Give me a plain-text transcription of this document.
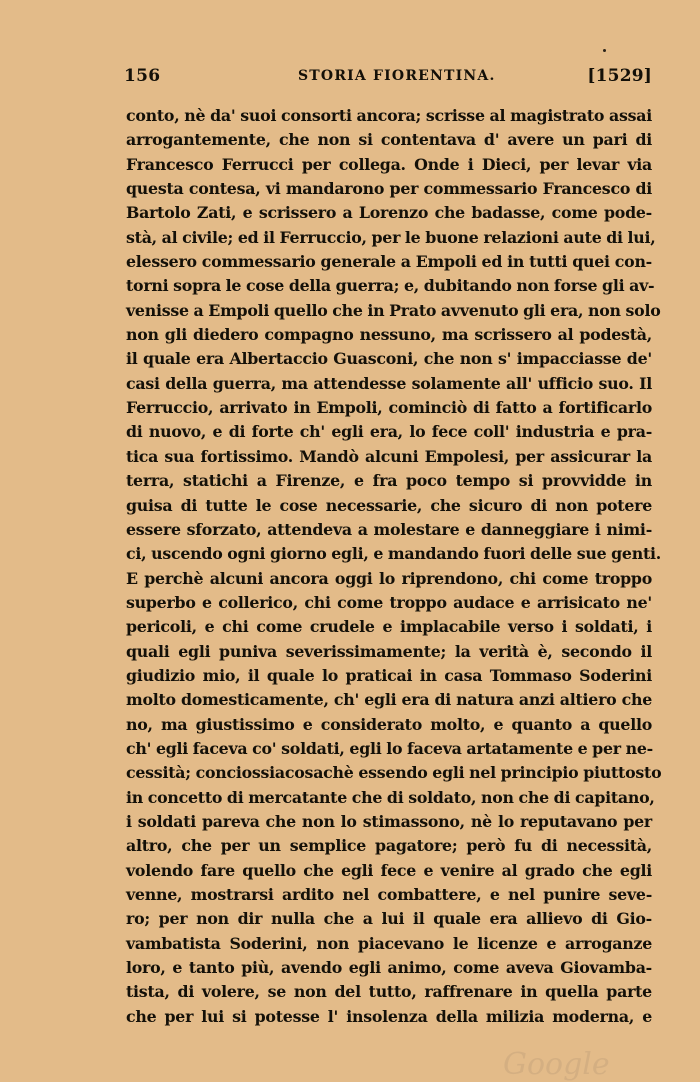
156	STORIA FIORENTINA.	[1529]
conto, nè da' suoi consorti ancora; scrisse al magistrato assai
arrogantemente, che non si contentava d' avere un pari di
Francesco Ferrucci per collega. Onde i Dieci, per levar via
questa contesa, vi mandarono per commessario Francesco di
Bartolo Zati, e scrissero a Lorenzo che badasse, come pode-
stà, al civile; ed il Ferruccio, per le buone relazioni aute di lui,
elessero commessario generale a Empoli ed in tutti quei con-
torni sopra le cose della guerra; e, dubitando non forse gli av-
venisse a Empoli quello che in Prato avvenuto gli era, non solo
non gli diedero compagno nessuno, ma scrissero al podestà,
il quale era Albertaccio Guasconi, che non s' impacciasse de'
casi della guerra, ma attendesse solamente all' ufficio suo. Il
Ferruccio, arrivato in Empoli, cominciò di fatto a fortificarlo
di nuovo, e di forte ch' egli era, lo fece coll' industria e pra-
tica sua fortissimo. Mandò alcuni Empolesi, per assicurar la
terra, statichi a Firenze, e fra poco tempo si provvidde in
guisa di tutte le cose necessarie, che sicuro di non potere
essere sforzato, attendeva a molestare e danneggiare i nimi-
ci, uscendo ogni giorno egli, e mandando fuori delle sue genti.
E perchè alcuni ancora oggi lo riprendono, chi come troppo
superbo e collerico, chi come troppo audace e arrisicato ne'
pericoli, e chi come crudele e implacabile verso i soldati, i
quali egli puniva severissimamente; la verità è, secondo il
giudizio mio, il quale lo praticai in casa Tommaso Soderini
molto domesticamente, ch' egli era di natura anzi altiero che
no, ma giustissimo e considerato molto, e quanto a quello
ch' egli faceva co' soldati, egli lo faceva artatamente e per ne-
cessità; conciossiacosachè essendo egli nel principio piuttosto
in concetto di mercatante che di soldato, non che di capitano,
i soldati pareva che non lo stimassono, nè lo reputavano per
altro, che per un semplice pagatore; però fu di necessità,
volendo fare quello che egli fece e venire al grado che egli
venne, mostrarsi ardito nel combattere, e nel punire seve-
ro; per non dir nulla che a lui il quale era allievo di Gio-
vambatista Soderini, non piacevano le licenze e arroganze
loro, e tanto più, avendo egli animo, come aveva Giovamba-
tista, di volere, se non del tutto, raffrenare in quella parte
che per lui si potesse l' insolenza della milizia moderna, e
Google
